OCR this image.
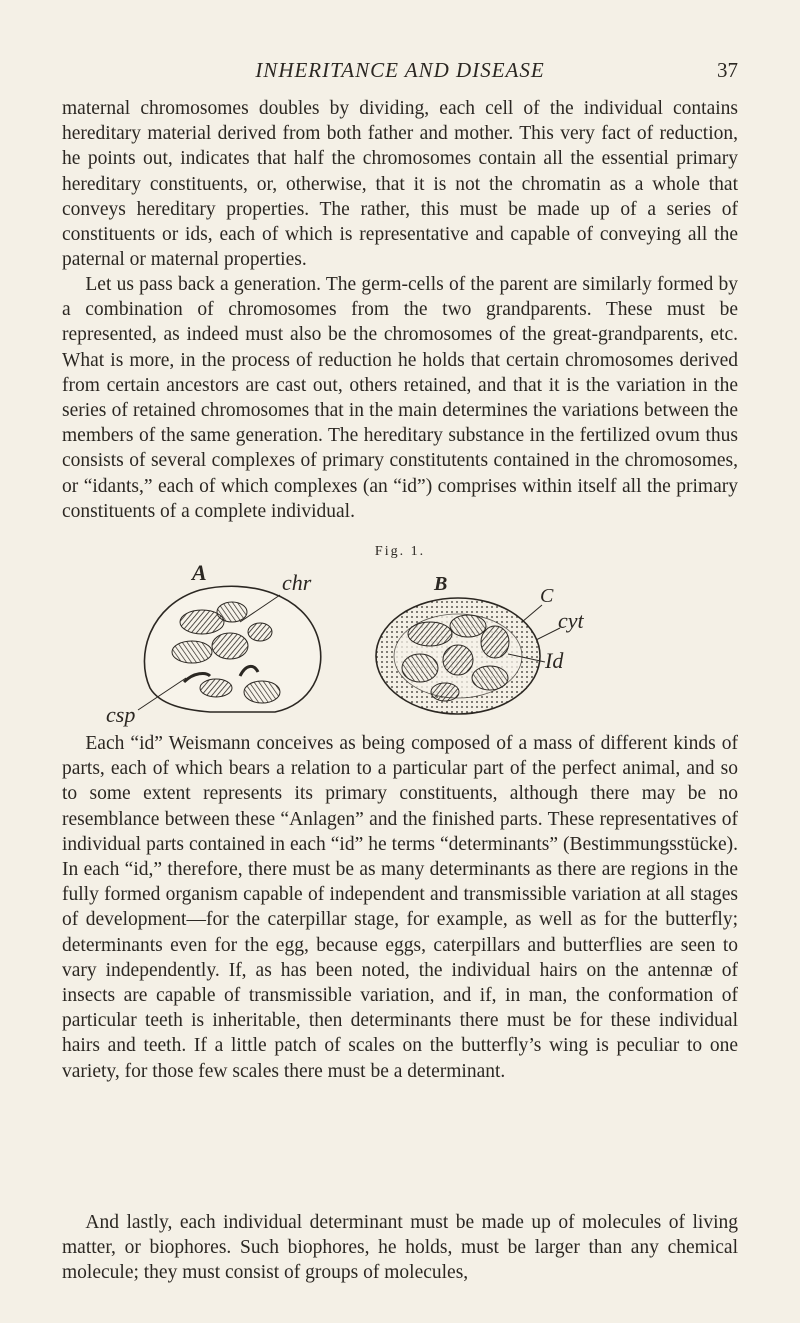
INHERITANCE AND DISEASE	37

maternal chromosomes doubles by dividing, each cell of the individual contains hereditary material derived from both father and mother. This very fact of reduction, he points out, indicates that half the chromosomes contain all the essential primary hereditary constituents, or, otherwise, that it is not the chromatin as a whole that conveys hereditary properties. The rather, this must be made up of a series of constituents or ids, each of which is representative and capable of conveying all the paternal or maternal properties.

Let us pass back a generation. The germ-cells of the parent are similarly formed by a combination of chromosomes from the two grandparents. These must be represented, as indeed must also be the chromosomes of the great-grandparents, etc. What is more, in the process of reduction he holds that certain chromosomes derived from certain ancestors are cast out, others retained, and that it is the variation in the series of retained chromosomes that in the main determines the variations between the members of the same generation. The hereditary substance in the fertilized ovum thus consists of several complexes of primary constitutents contained in the chromosomes, or “idants,” each of which complexes (an “id”) comprises within itself all the primary constituents of a complete individual.

Fig. 1.
A	chr
csp
B
C
cyt
Id

Each “id” Weismann conceives as being composed of a mass of different kinds of parts, each of which bears a relation to a particular part of the perfect animal, and so to some extent represents its primary constituents, although there may be no resemblance between these “Anlagen” and the finished parts. These representatives of individual parts contained in each “id” he terms “determinants” (Bestimmungsstücke). In each “id,” therefore, there must be as many determinants as there are regions in the fully formed organism capable of independent and transmissible variation at all stages of development—for the caterpillar stage, for example, as well as for the butterfly; determinants even for the egg, because eggs, caterpillars and butterflies are seen to vary independently. If, as has been noted, the individual hairs on the antennæ of insects are capable of transmissible variation, and if, in man, the conformation of particular teeth is inheritable, then determinants there must be for these individual hairs and teeth. If a little patch of scales on the butterfly’s wing is peculiar to one variety, for those few scales there must be a determinant.

And lastly, each individual determinant must be made up of molecules of living matter, or biophores. Such biophores, he holds, must be larger than any chemical molecule; they must consist of groups of molecules,
